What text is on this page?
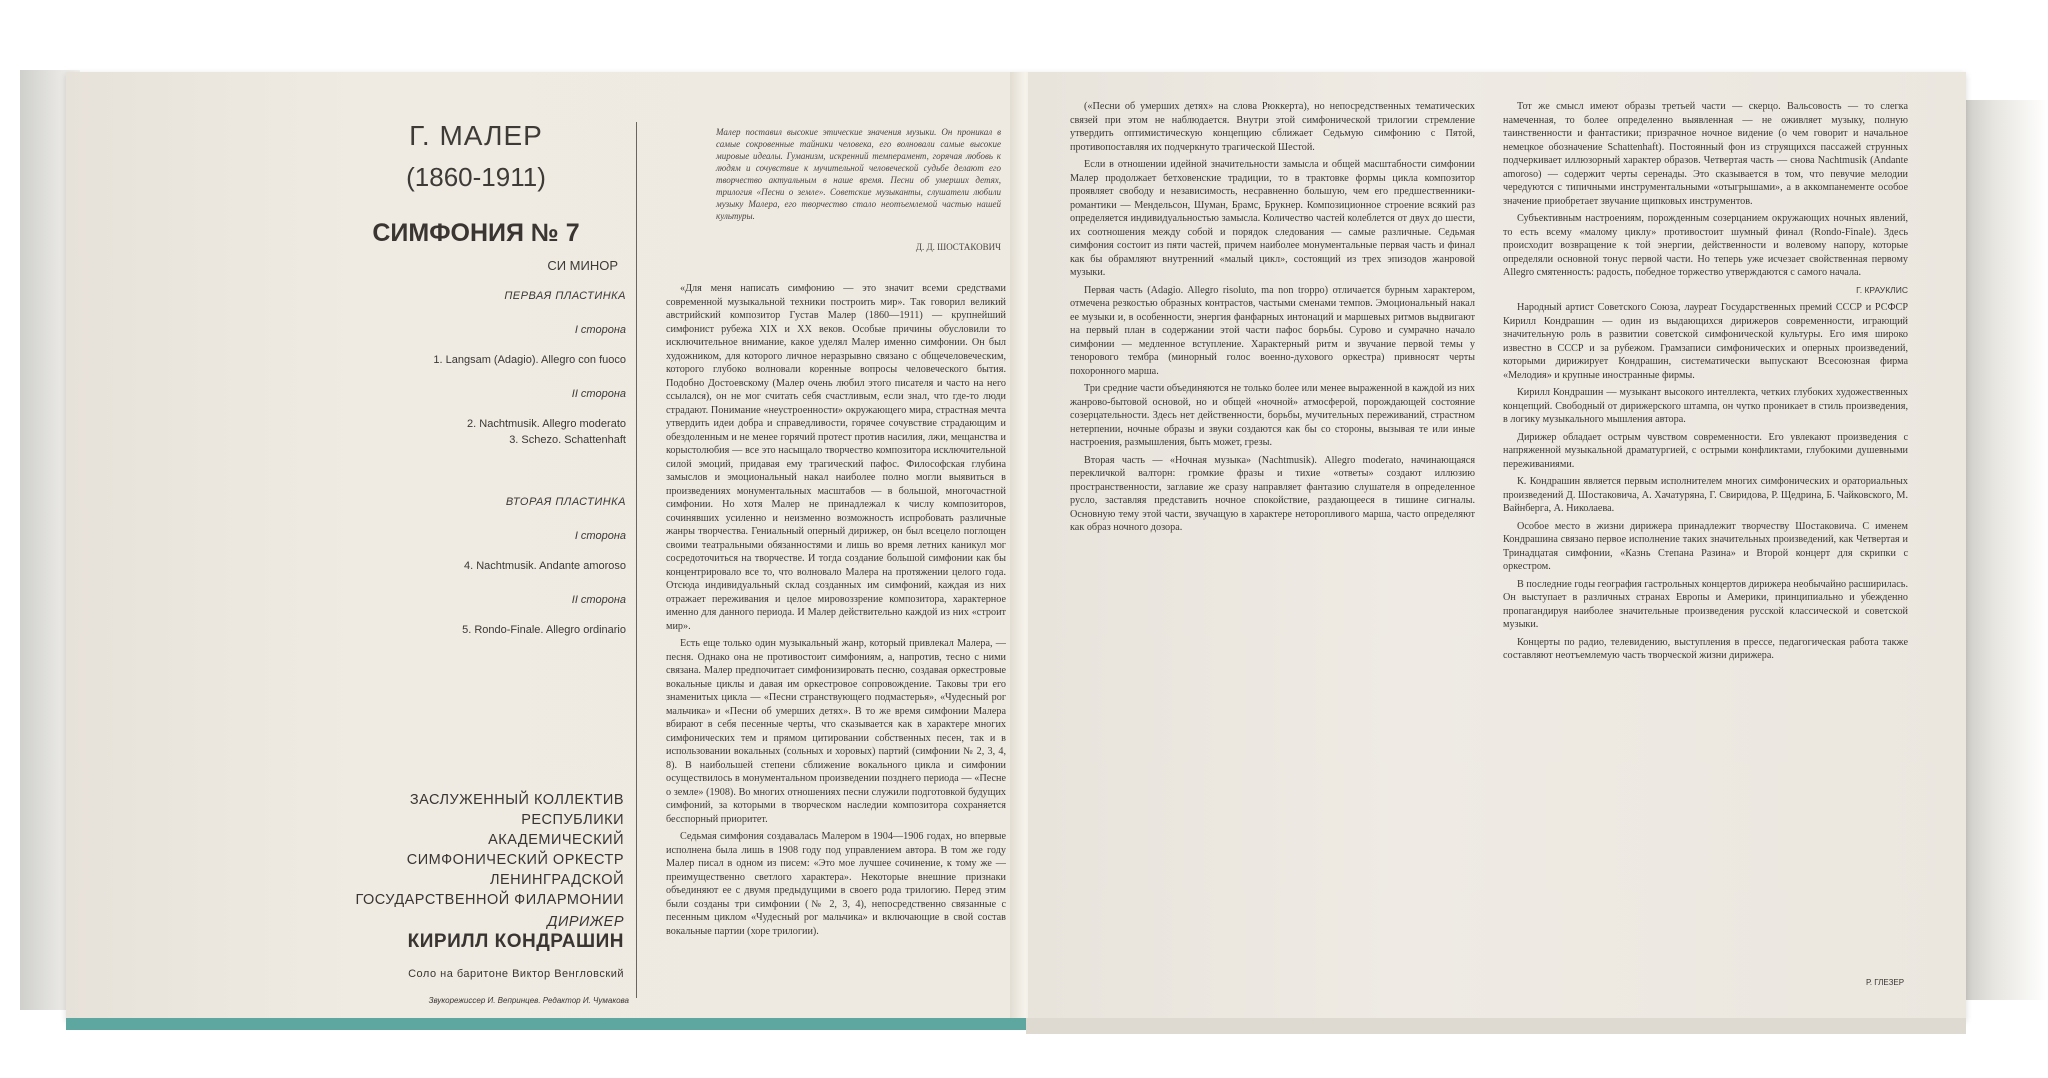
Г. МАЛЕР
(1860-1911)
СИМФОНИЯ № 7
СИ МИНОР
ПЕРВАЯ ПЛАСТИНКА
I сторона
1. Langsam (Adagio). Allegro con fuoco
II сторона
2. Nachtmusik. Allegro moderato
3. Schezo. Schattenhaft
ВТОРАЯ ПЛАСТИНКА
I сторона
4. Nachtmusik. Andante amoroso
II сторона
5. Rondo-Finale. Allegro ordinario
ЗАСЛУЖЕННЫЙ КОЛЛЕКТИВ
РЕСПУБЛИКИ
АКАДЕМИЧЕСКИЙ
СИМФОНИЧЕСКИЙ ОРКЕСТР
ЛЕНИНГРАДСКОЙ
ГОСУДАРСТВЕННОЙ ФИЛАРМОНИИ
ДИРИЖЕР
КИРИЛЛ КОНДРАШИН
Соло на баритоне Виктор Венгловский
Звукорежиссер И. Вепринцев. Редактор И. Чумакова
Малер поставил высокие этические значения музыки. Он проникал в самые сокровенные тайники человека, его волновали самые высокие мировые идеалы. Гуманизм, искренний темперамент, горячая любовь к людям и сочувствие к мучительной человеческой судьбе делают его творчество актуальным в наше время. Песни об умерших детях, трилогия «Песни о земле». Советские музыканты, слушатели любили музыку Малера, его творчество стало неотъемлемой частью нашей культуры.
Д. Д. ШОСТАКОВИЧ

«Для меня написать симфонию — это значит всеми средствами современной музыкальной техники построить мир». Так говорил великий австрийский композитор Густав Малер (1860—1911) — крупнейший симфонист рубежа XIX и XX веков. Особые причины обусловили то исключительное внимание, какое уделял Малер именно симфонии. Он был художником, для которого личное неразрывно связано с общечеловеческим, которого глубоко волновали коренные вопросы человеческого бытия. Подобно Достоевскому (Малер очень любил этого писателя и часто на него ссылался), он не мог считать себя счастливым, если знал, что где-то люди страдают. Понимание «неустроенности» окружающего мира, страстная мечта утвердить идеи добра и справедливости, горячее сочувствие страдающим и обездоленным и не менее горячий протест против насилия, лжи, мещанства и корыстолюбия — все это насыщало творчество композитора исключительной силой эмоций, придавая ему трагический пафос. Философская глубина замыслов и эмоциональный накал наиболее полно могли выявиться в произведениях монументальных масштабов — в большой, многочастной симфонии. Но хотя Малер не принадлежал к числу композиторов, сочинявших усиленно и неизменно возможность испробовать различные жанры творчества. Гениальный оперный дирижер, он был всецело поглощен своими театральными обязанностями и лишь во время летних каникул мог сосредоточиться на творчестве. И тогда создание большой симфонии как бы концентрировало все то, что волновало Малера на протяжении целого года. Отсюда индивидуальный склад созданных им симфоний, каждая из них отражает переживания и целое мировоззрение композитора, характерное именно для данного периода. И Малер действительно каждой из них «строит мир».

Есть еще только один музыкальный жанр, который привлекал Малера, — песня. Однако она не противостоит симфониям, а, напротив, тесно с ними связана. Малер предпочитает симфонизировать песню, создавая оркестровые вокальные циклы и давая им оркестровое сопровождение. Таковы три его знаменитых цикла — «Песни странствующего подмастерья», «Чудесный рог мальчика» и «Песни об умерших детях». В то же время симфонии Малера вбирают в себя песенные черты, что сказывается как в характере многих симфонических тем и прямом цитировании собственных песен, так и в использовании вокальных (сольных и хоровых) партий (симфонии № 2, 3, 4, 8). В наибольшей степени сближение вокального цикла и симфонии осуществилось в монументальном произведении позднего периода — «Песне о земле» (1908). Во многих отношениях песни служили подготовкой будущих симфоний, за которыми в творческом наследии композитора сохраняется бесспорный приоритет.

Седьмая симфония создавалась Малером в 1904—1906 годах, но впервые исполнена была лишь в 1908 году под управлением автора. В том же году Малер писал в одном из писем: «Это мое лучшее сочинение, к тому же — преимущественно светлого характера». Некоторые внешние признаки объединяют ее с двумя предыдущими в своего рода трилогию. Перед этим были созданы три симфонии (№ 2, 3, 4), непосредственно связанные с песенным циклом «Чудесный рог мальчика» и включающие в свой состав вокальные партии (хоре трилогии).

(«Песни об умерших детях» на слова Рюккерта), но непосредственных тематических связей при этом не наблюдается. Внутри этой симфонической трилогии стремление утвердить оптимистическую концепцию сближает Седьмую симфонию с Пятой, противопоставляя их подчеркнуто трагической Шестой.

Если в отношении идейной значительности замысла и общей масштабности симфонии Малер продолжает бетховенские традиции, то в трактовке формы цикла композитор проявляет свободу и независимость, несравненно большую, чем его предшественники-романтики — Мендельсон, Шуман, Брамс, Брукнер. Композиционное строение всякий раз определяется индивидуальностью замысла. Количество частей колеблется от двух до шести, их соотношения между собой и порядок следования — самые различные. Седьмая симфония состоит из пяти частей, причем наиболее монументальные первая часть и финал как бы обрамляют внутренний «малый цикл», состоящий из трех эпизодов жанровой музыки.

Первая часть (Adagio. Allegro risoluto, ma non troppo) отличается бурным характером, отмечена резкостью образных контрастов, частыми сменами темпов. Эмоциональный накал ее музыки и, в особенности, энергия фанфарных интонаций и маршевых ритмов выдвигают на первый план в содержании этой части пафос борьбы. Сурово и сумрачно начало симфонии — медленное вступление. Характерный ритм и звучание первой темы у тенорового тембра (минорный голос военно-духового оркестра) привносят черты похоронного марша.

Три средние части объединяются не только более или менее выраженной в каждой из них жанрово-бытовой основой, но и общей «ночной» атмосферой, порождающей состояние созерцательности. Здесь нет действенности, борьбы, мучительных переживаний, страстном нетерпении, ночные образы и звуки создаются как бы со стороны, вызывая те или иные настроения, размышления, быть может, грезы.

Вторая часть — «Ночная музыка» (Nachtmusik). Allegro moderato, начинающаяся перекличкой валторн: громкие фразы и тихие «ответы» создают иллюзию пространственности, заглавие же сразу направляет фантазию слушателя в определенное русло, заставляя представить ночное спокойствие, раздающееся в тишине сигналы. Основную тему этой части, звучащую в характере неторопливого марша, часто определяют как образ ночного дозора.

Тот же смысл имеют образы третьей части — скерцо. Вальсовость — то слегка намеченная, то более определенно выявленная — не оживляет музыку, полную таинственности и фантастики; призрачное ночное видение (о чем говорит и начальное немецкое обозначение Schattenhaft). Постоянный фон из струящихся пассажей струнных подчеркивает иллюзорный характер образов. Четвертая часть — снова Nachtmusik (Andante amoroso) — содержит черты серенады. Это сказывается в том, что певучие мелодии чередуются с типичными инструментальными «отыгрышами», а в аккомпанементе особое значение приобретает звучание щипковых инструментов.

Субъективным настроениям, порожденным созерцанием окружающих ночных явлений, то есть всему «малому циклу» противостоит шумный финал (Rondo-Finale). Здесь происходит возвращение к той энергии, действенности и волевому напору, которые определяли основной тонус первой части. Но теперь уже исчезает свойственная первому Allegro смятенность: радость, победное торжество утверждаются с самого начала.

Г. КРАУКЛИС

Народный артист Советского Союза, лауреат Государственных премий СССР и РСФСР Кирилл Кондрашин — один из выдающихся дирижеров современности, играющий значительную роль в развитии советской симфонической культуры. Его имя широко известно в СССР и за рубежом. Грамзаписи симфонических и оперных произведений, которыми дирижирует Кондрашин, систематически выпускают Всесоюзная фирма «Мелодия» и крупные иностранные фирмы.

Кирилл Кондрашин — музыкант высокого интеллекта, четких глубоких художественных концепций. Свободный от дирижерского штампа, он чутко проникает в стиль произведения, в логику музыкального мышления автора.

Дирижер обладает острым чувством современности. Его увлекают произведения с напряженной музыкальной драматургией, с острыми конфликтами, глубокими душевными переживаниями.

К. Кондрашин является первым исполнителем многих симфонических и ораториальных произведений Д. Шостаковича, А. Хачатуряна, Г. Свиридова, Р. Щедрина, Б. Чайковского, М. Вайнберга, А. Николаева.

Особое место в жизни дирижера принадлежит творчеству Шостаковича. С именем Кондрашина связано первое исполнение таких значительных произведений, как Четвертая и Тринадцатая симфонии, «Казнь Степана Разина» и Второй концерт для скрипки с оркестром.

В последние годы география гастрольных концертов дирижера необычайно расширилась. Он выступает в различных странах Европы и Америки, принципиально и убежденно пропагандируя наиболее значительные произведения русской классической и советской музыки.

Концерты по радио, телевидению, выступления в прессе, педагогическая работа также составляют неотъемлемую часть творческой жизни дирижера.

Р. ГЛЕЗЕР
